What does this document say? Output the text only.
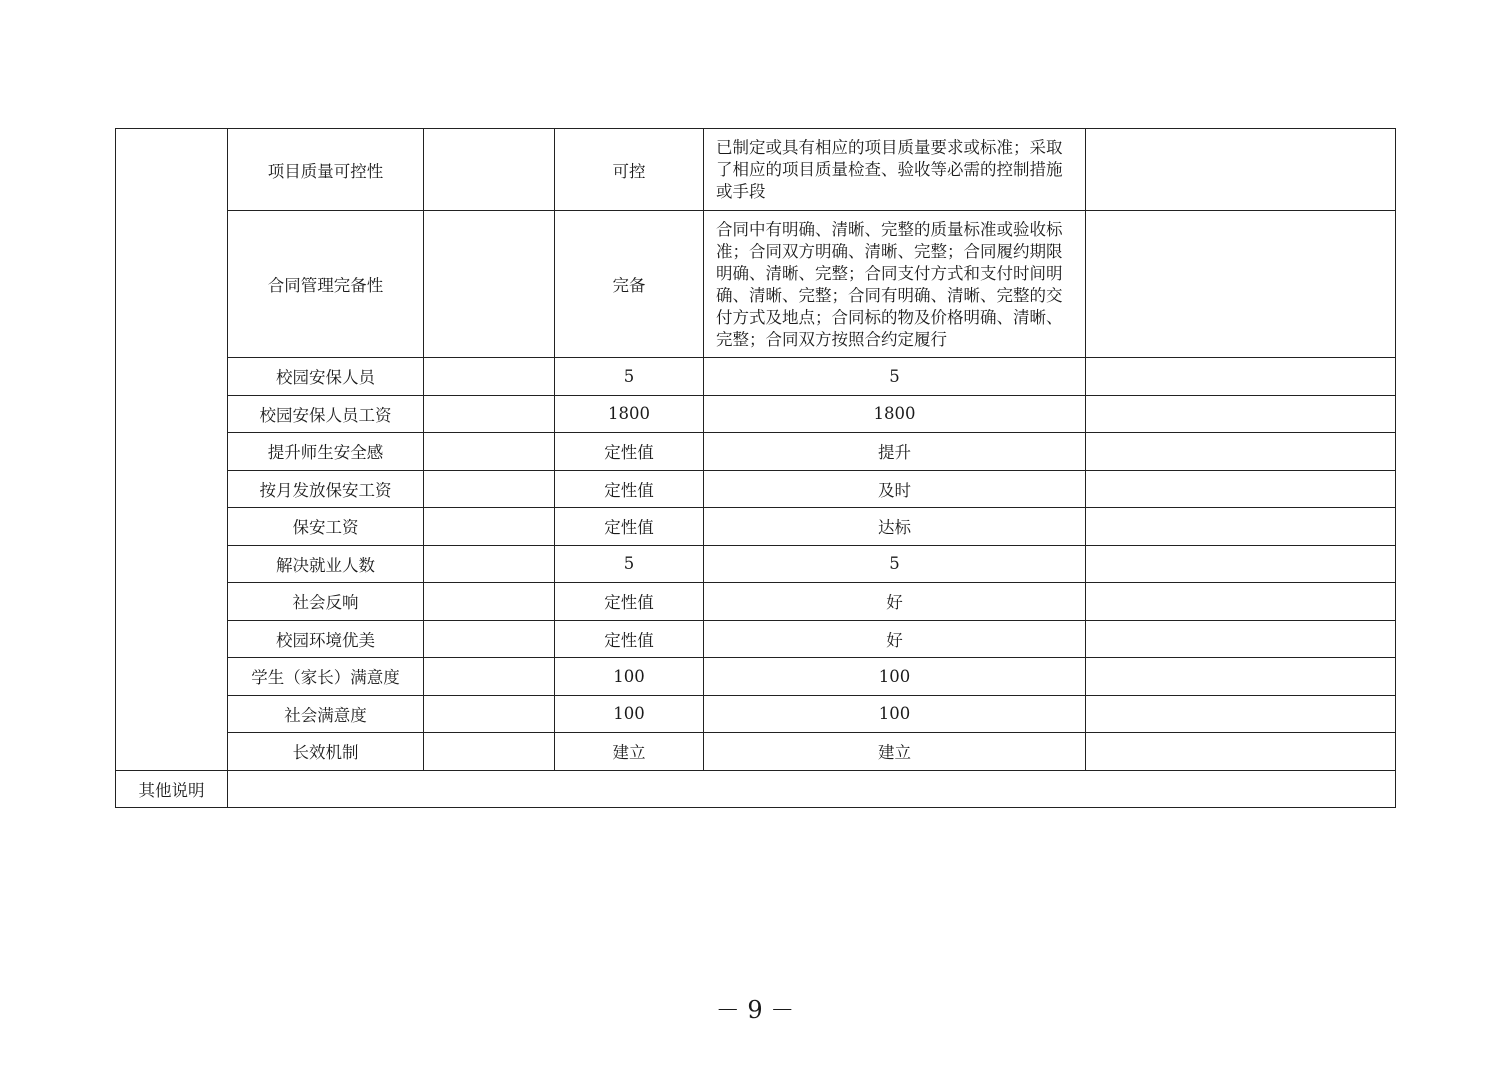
	项目质量可控性		可控	已制定或具有相应的项目质量要求或标准；采取了相应的项目质量检查、验收等必需的控制措施或手段	
	合同管理完备性		完备	合同中有明确、清晰、完整的质量标准或验收标准；合同双方明确、清晰、完整；合同履约期限明确、清晰、完整；合同支付方式和支付时间明确、清晰、完整；合同有明确、清晰、完整的交付方式及地点；合同标的物及价格明确、清晰、完整；合同双方按照合约定履行	
	校园安保人员		5	5	
	校园安保人员工资		1800	1800	
	提升师生安全感		定性值	提升	
	按月发放保安工资		定性值	及时	
	保安工资		定性值	达标	
	解决就业人数		5	5	
	社会反响		定性值	好	
	校园环境优美		定性值	好	
	学生（家长）满意度		100	100	
	社会满意度		100	100	
	长效机制		建立	建立	
其他说明					
－ 9 －
